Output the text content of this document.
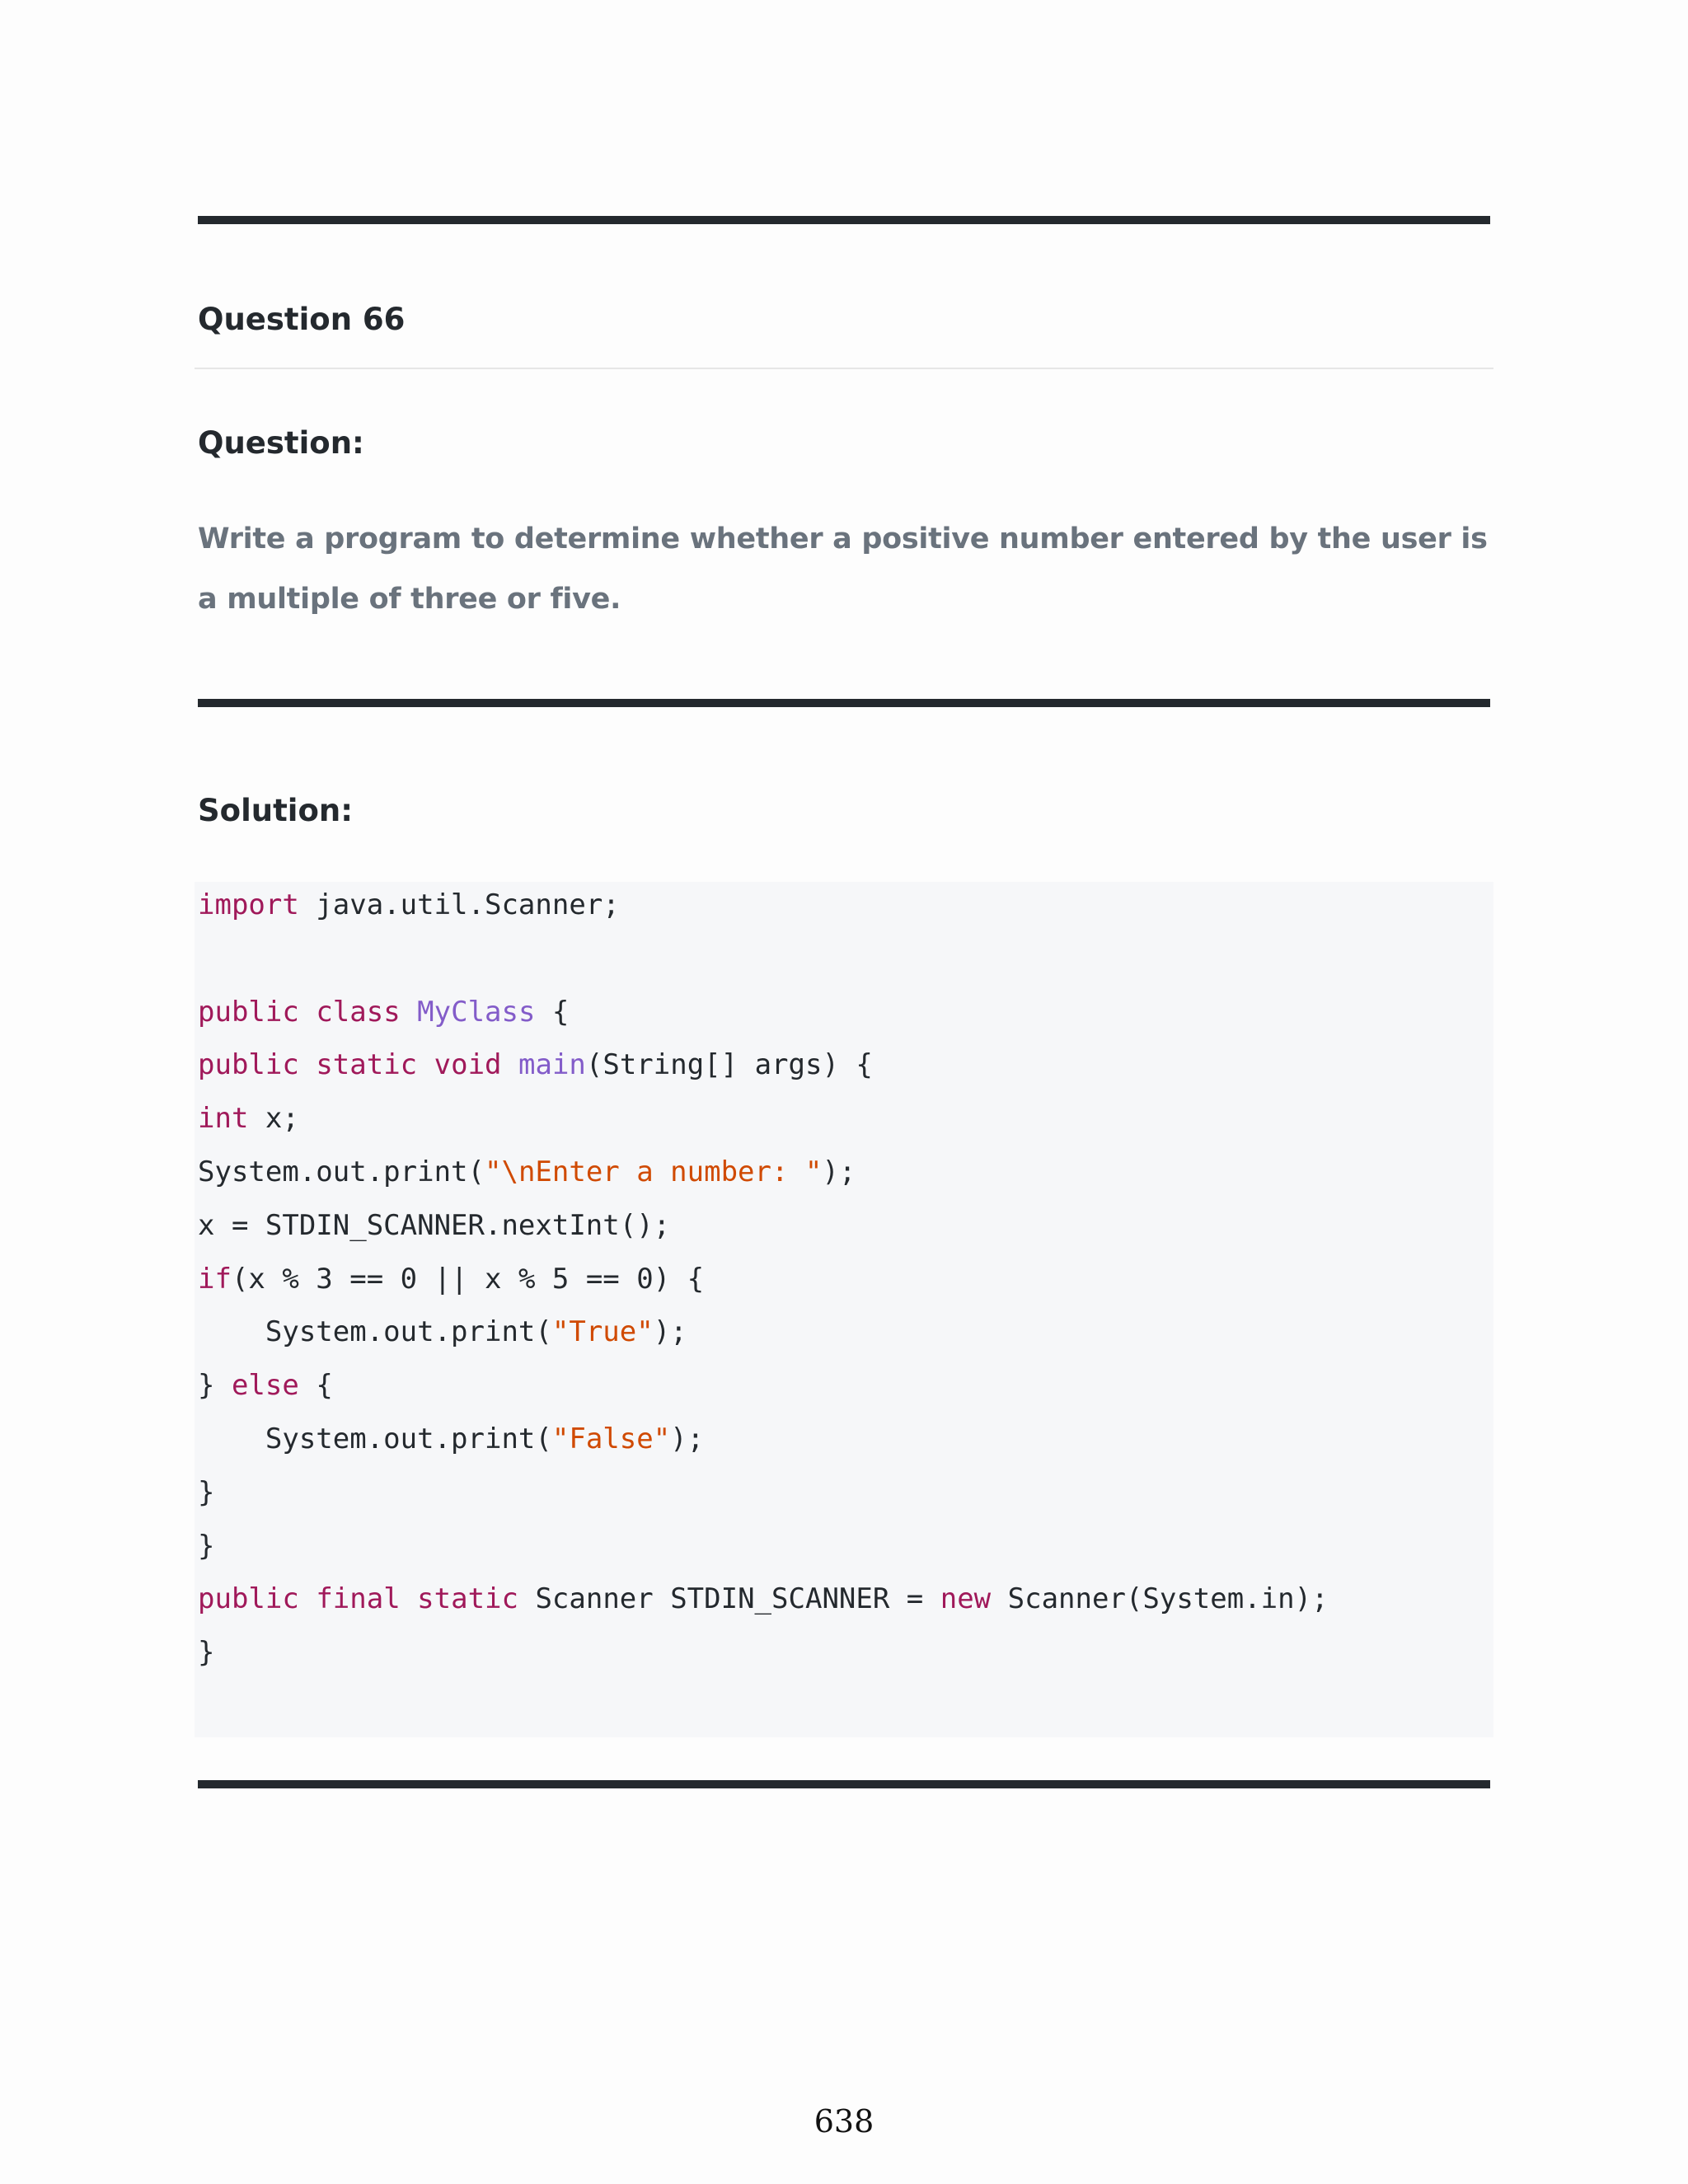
Question 66
Question:
Write a program to determine whether a positive number entered by the user is a multiple of three or five.
Solution:
import java.util.Scanner;

public class MyClass {
public static void main(String[] args) {
int x;
System.out.print("\nEnter a number: ");
x = STDIN_SCANNER.nextInt();
if(x % 3 == 0 || x % 5 == 0) {
System.out.print("True");
} else {
System.out.print("False");
}
}
public final static Scanner STDIN_SCANNER = new Scanner(System.in);
}
638
